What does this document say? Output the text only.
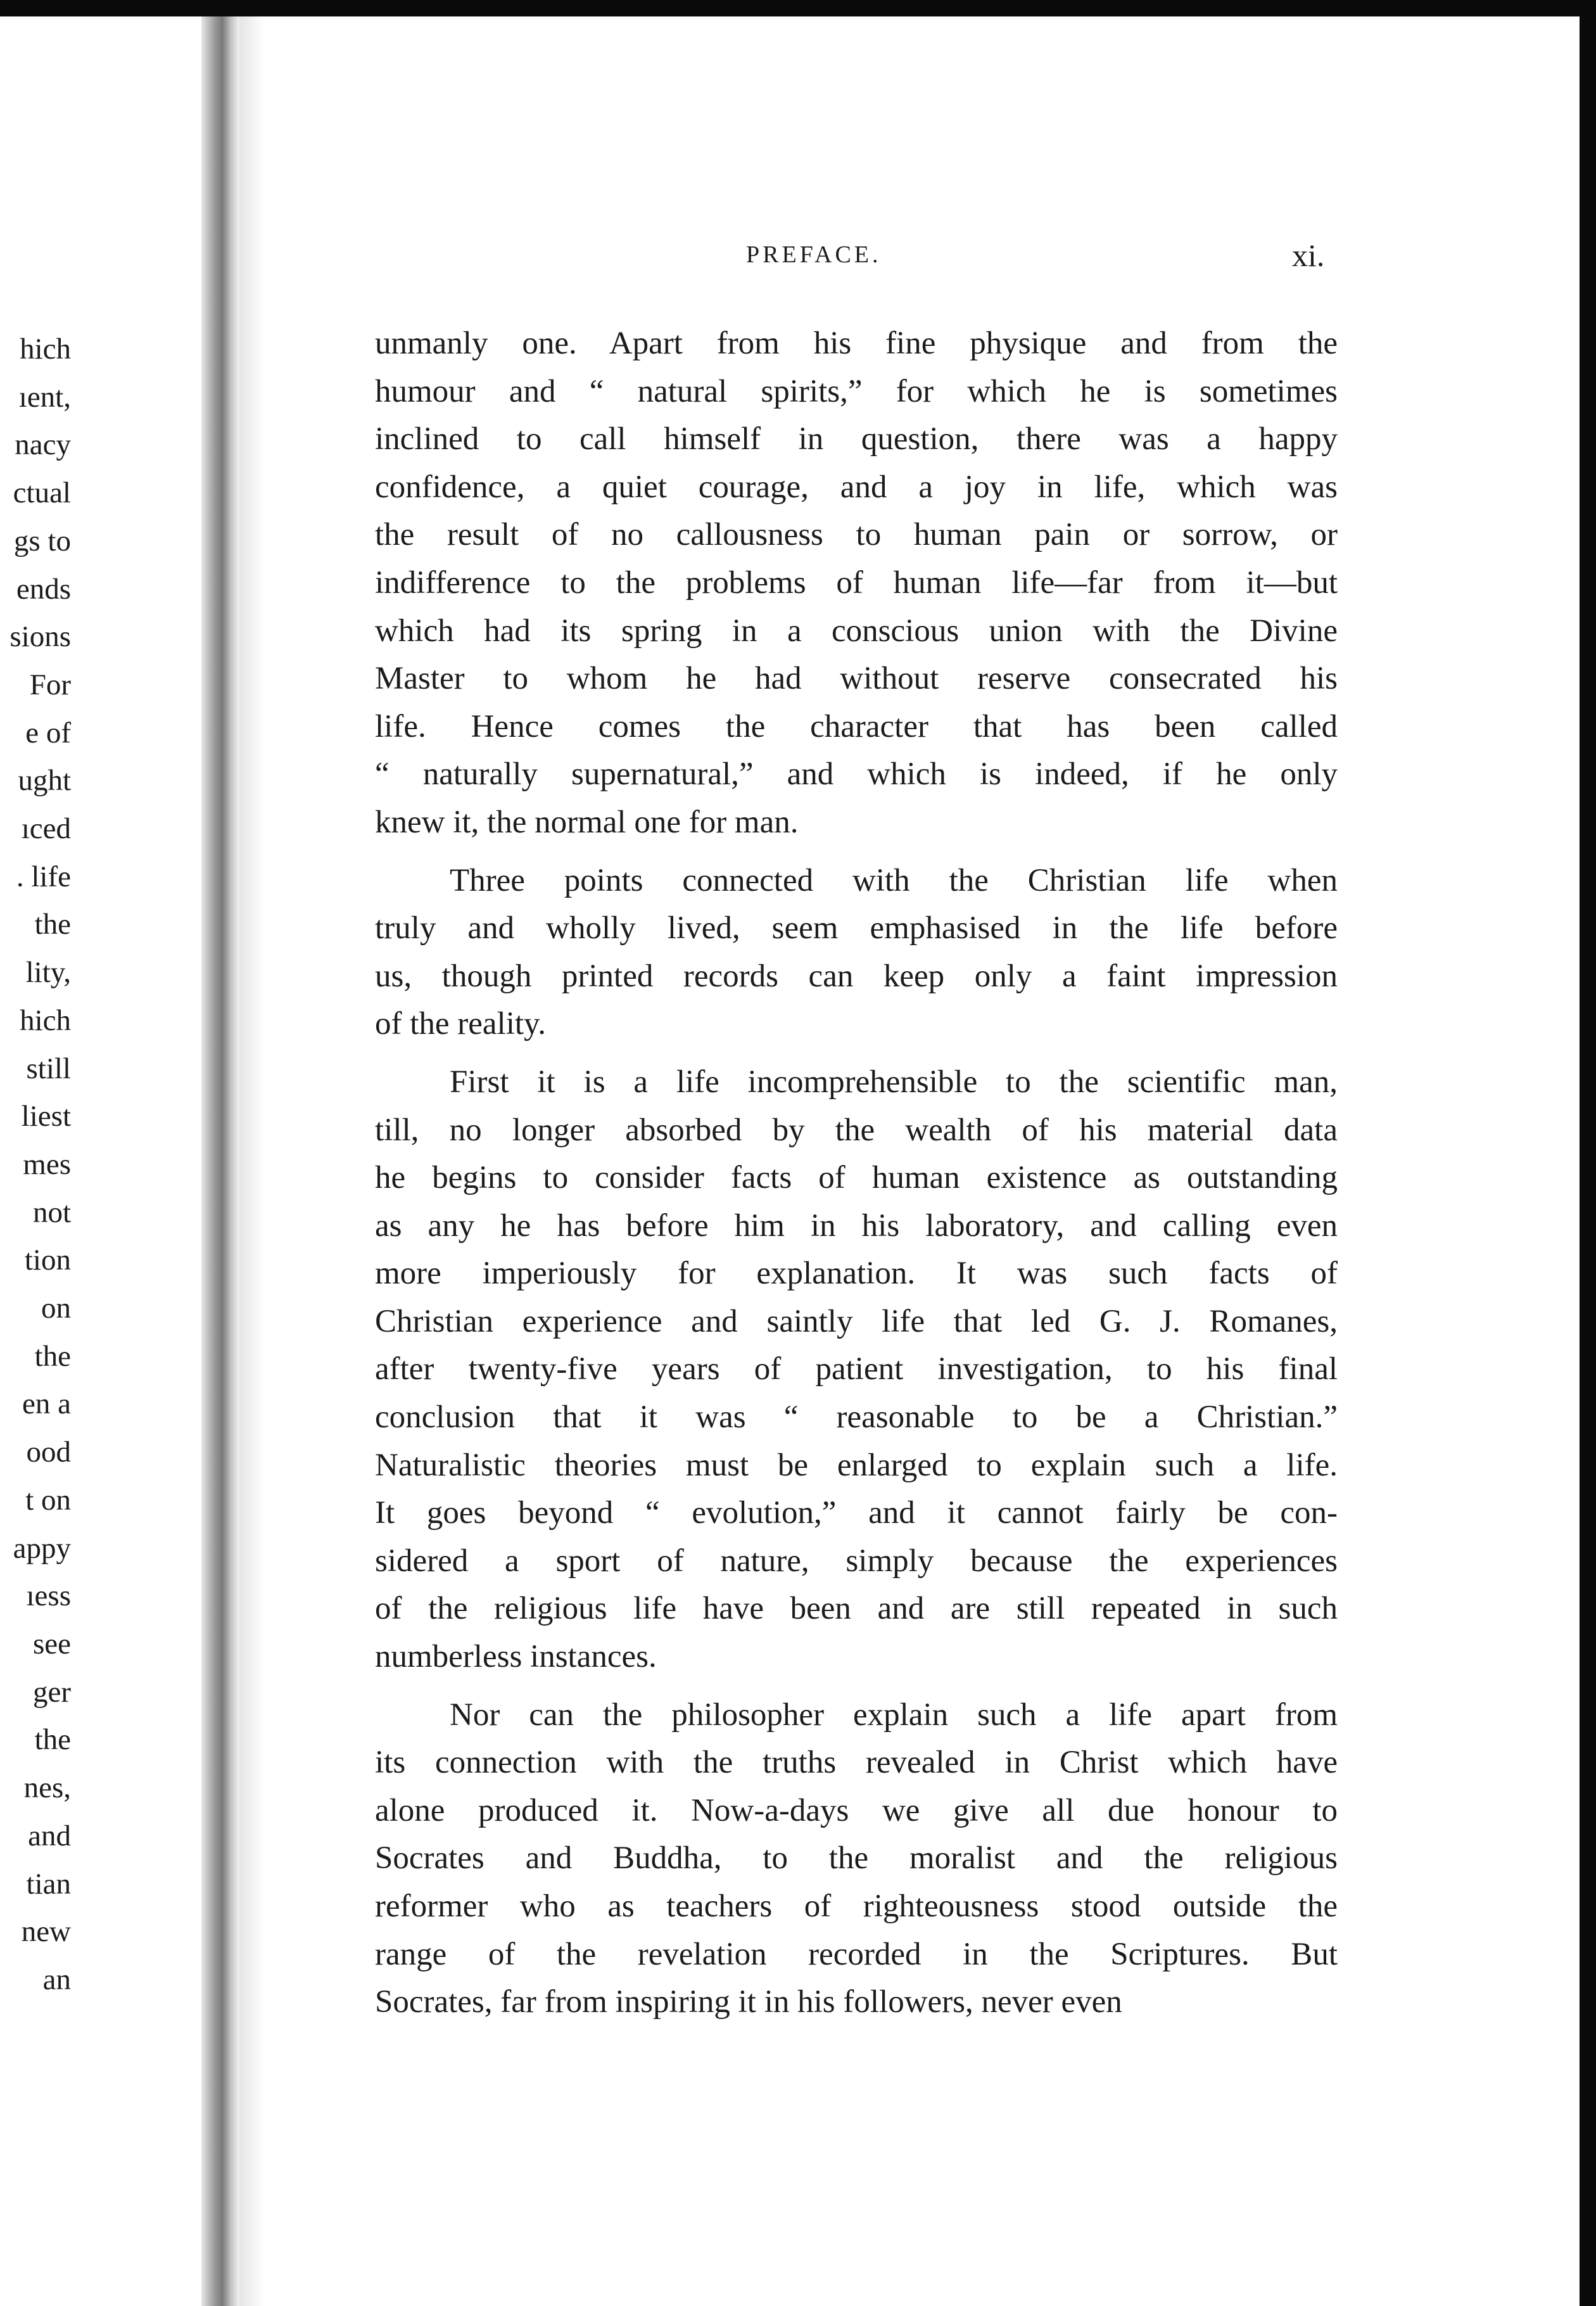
hich
ıent,
nacy
ctual
gs to
ends
sions
For
e of
ught
ıced
. life
the
lity,
hich
still
liest
mes
not
tion
on
the
en a
ood
t on
appy
ıess
see
ger
the
nes,
and
tian
new
an
PREFACE.	xi.
unmanly one. Apart from his fine physique and from the
humour and “ natural spirits,” for which he is sometimes
inclined to call himself in question, there was a happy
confidence, a quiet courage, and a joy in life, which was
the result of no callousness to human pain or sorrow, or
indifference to the problems of human life—far from it—but
which had its spring in a conscious union with the Divine
Master to whom he had without reserve consecrated his
life. Hence comes the character that has been called
“ naturally supernatural,” and which is indeed, if he only
knew it, the normal one for man.
Three points connected with the Christian life when
truly and wholly lived, seem emphasised in the life before
us, though printed records can keep only a faint impression
of the reality.
First it is a life incomprehensible to the scientific man,
till, no longer absorbed by the wealth of his material data
he begins to consider facts of human existence as outstanding
as any he has before him in his laboratory, and calling even
more imperiously for explanation. It was such facts of
Christian experience and saintly life that led G. J. Romanes,
after twenty-five years of patient investigation, to his final
conclusion that it was “ reasonable to be a Christian.”
Naturalistic theories must be enlarged to explain such a life.
It goes beyond “ evolution,” and it cannot fairly be con-
sidered a sport of nature, simply because the experiences
of the religious life have been and are still repeated in such
numberless instances.
Nor can the philosopher explain such a life apart from
its connection with the truths revealed in Christ which have
alone produced it. Now-a-days we give all due honour to
Socrates and Buddha, to the moralist and the religious
reformer who as teachers of righteousness stood outside the
range of the revelation recorded in the Scriptures. But
Socrates, far from inspiring it in his followers, never even
